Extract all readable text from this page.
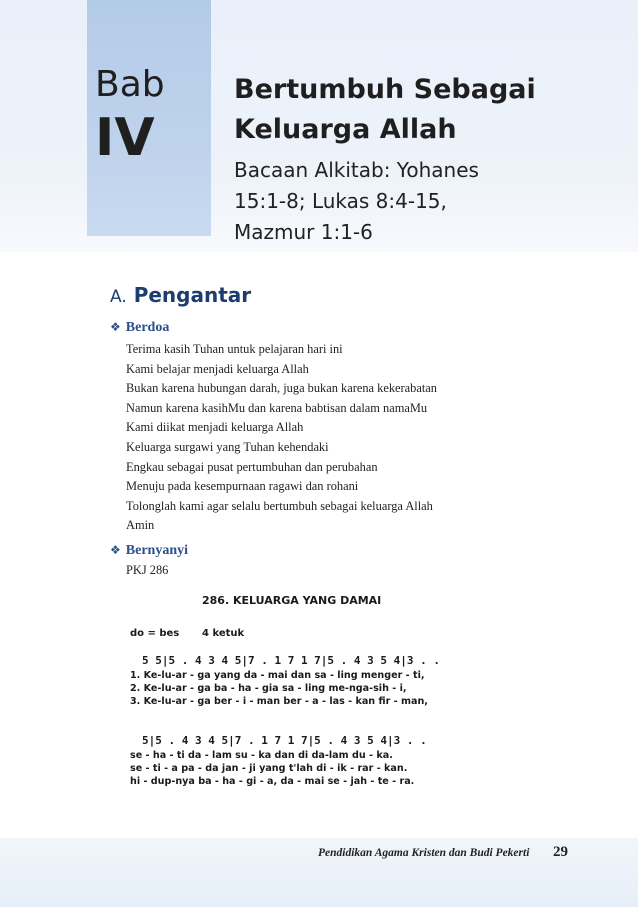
Bab
IV
Bertumbuh Sebagai
Keluarga Allah

Bacaan Alkitab: Yohanes
15:1-8; Lukas 8:4-15,
Mazmur 1:1-6

A. Pengantar
❖ Berdoa
Terima kasih Tuhan untuk pelajaran hari ini
Kami belajar menjadi keluarga Allah
Bukan karena hubungan darah, juga bukan karena kekerabatan
Namun karena kasihMu dan karena babtisan dalam namaMu
Kami diikat menjadi keluarga Allah
Keluarga surgawi yang Tuhan kehendaki
Engkau sebagai pusat pertumbuhan dan perubahan
Menuju pada kesempurnaan ragawi dan rohani
Tolonglah kami agar selalu bertumbuh sebagai keluarga Allah
Amin
❖ Bernyanyi
PKJ 286
286. KELUARGA YANG DAMAI
do = bes 4 ketuk
5 5|5 . 4 3 4 5|7 . 1 7 1 7|5 . 4 3 5 4|3 . .
1. Ke-lu-ar - ga yang da - mai dan sa - ling menger - ti,
2. Ke-lu-ar - ga ba - ha - gia sa - ling me-nga-sih - i,
3. Ke-lu-ar - ga ber - i - man ber - a - las - kan fir - man,
5|5 . 4 3 4 5|7 . 1 7 1 7|5 . 4 3 5 4|3 . .
se - ha - ti da - lam su - ka dan di da-lam du - ka.
se - ti - a pa - da jan - ji yang t'lah di - ik - rar - kan.
hi - dup-nya ba - ha - gi - a, da - mai se - jah - te - ra.
Pendidikan Agama Kristen dan Budi Pekerti 29
